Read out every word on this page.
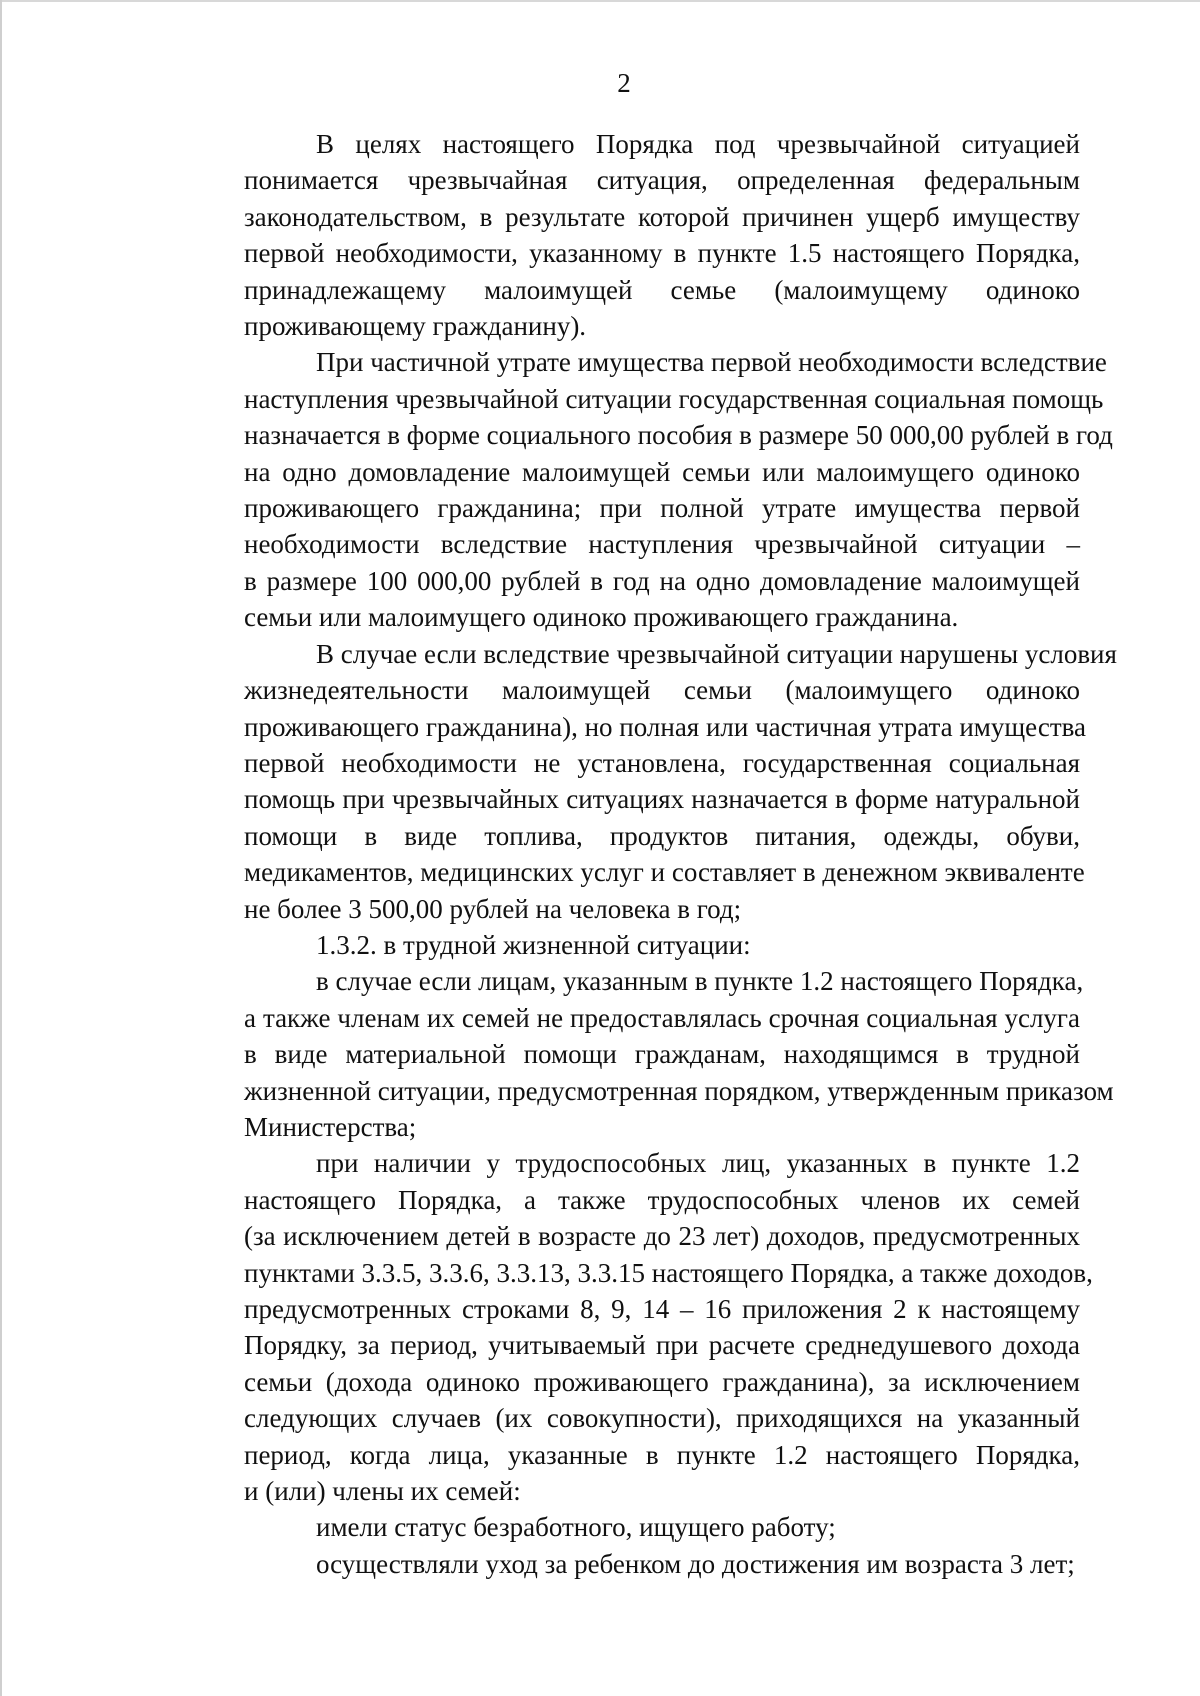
2
В целях настоящего Порядка под чрезвычайной ситуацией
понимается чрезвычайная ситуация, определенная федеральным
законодательством, в результате которой причинен ущерб имуществу
первой необходимости, указанному в пункте 1.5 настоящего Порядка,
принадлежащему малоимущей семье (малоимущему одиноко
проживающему гражданину).
При частичной утрате имущества первой необходимости вследствие
наступления чрезвычайной ситуации государственная социальная помощь
назначается в форме социального пособия в размере 50 000,00 рублей в год
на одно домовладение малоимущей семьи или малоимущего одиноко
проживающего гражданина; при полной утрате имущества первой
необходимости вследствие наступления чрезвычайной ситуации –
в размере 100 000,00 рублей в год на одно домовладение малоимущей
семьи или малоимущего одиноко проживающего гражданина.
В случае если вследствие чрезвычайной ситуации нарушены условия
жизнедеятельности малоимущей семьи (малоимущего одиноко
проживающего гражданина), но полная или частичная утрата имущества
первой необходимости не установлена, государственная социальная
помощь при чрезвычайных ситуациях назначается в форме натуральной
помощи в виде топлива, продуктов питания, одежды, обуви,
медикаментов, медицинских услуг и составляет в денежном эквиваленте
не более 3 500,00 рублей на человека в год;
1.3.2. в трудной жизненной ситуации:
в случае если лицам, указанным в пункте 1.2 настоящего Порядка,
а также членам их семей не предоставлялась срочная социальная услуга
в виде материальной помощи гражданам, находящимся в трудной
жизненной ситуации, предусмотренная порядком, утвержденным приказом
Министерства;
при наличии у трудоспособных лиц, указанных в пункте 1.2
настоящего Порядка, а также трудоспособных членов их семей
(за исключением детей в возрасте до 23 лет) доходов, предусмотренных
пунктами 3.3.5, 3.3.6, 3.3.13, 3.3.15 настоящего Порядка, а также доходов,
предусмотренных строками 8, 9, 14 – 16 приложения 2 к настоящему
Порядку, за период, учитываемый при расчете среднедушевого дохода
семьи (дохода одиноко проживающего гражданина), за исключением
следующих случаев (их совокупности), приходящихся на указанный
период, когда лица, указанные в пункте 1.2 настоящего Порядка,
и (или) члены их семей:
имели статус безработного, ищущего работу;
осуществляли уход за ребенком до достижения им возраста 3 лет;
